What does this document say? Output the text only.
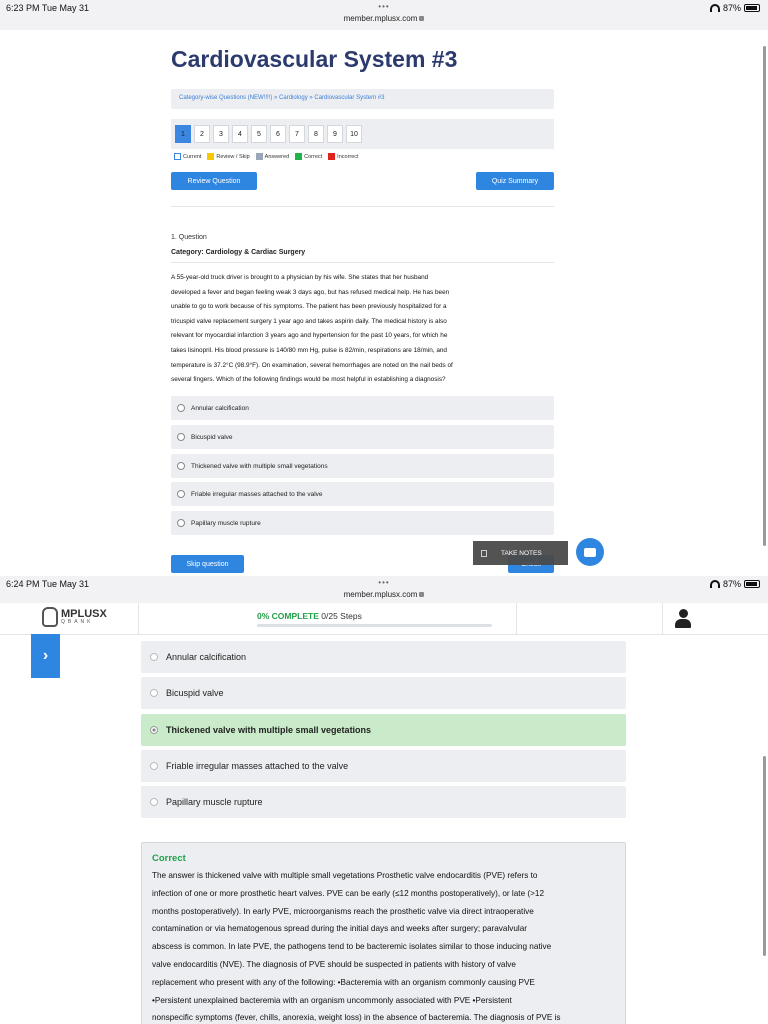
6:23 PM Tue May 31	•••
member.mplusx.com
87%
Cardiovascular System #3
Category-wise Questions (NEW!!!!) » Cardiology » Cardiovascular System #3
1	2	3	4	5	6	7	8	9	10
Current	Review / Skip	Answered	Correct	Incorrect
Review Question	Quiz Summary
1. Question
Category: Cardiology & Cardiac Surgery
A 55-year-old truck driver is brought to a physician by his wife. She states that her husband
developed a fever and began feeling weak 3 days ago, but has refused medical help. He has been
unable to go to work because of his symptoms. The patient has been previously hospitalized for a
tricuspid valve replacement surgery 1 year ago and takes aspirin daily. The medical history is also
relevant for myocardial infarction 3 years ago and hypertension for the past 10 years, for which he
takes lisinopril. His blood pressure is 140/80 mm Hg, pulse is 82/min, respirations are 18/min, and
temperature is 37.2°C (98.9°F). On examination, several hemorrhages are noted on the nail beds of
several fingers. Which of the following findings would be most helpful in establishing a diagnosis?
Annular calcification
Bicuspid valve
Thickened valve with multiple small vegetations
Friable irregular masses attached to the valve
Papillary muscle rupture
Skip question
TAKE NOTES
6:24 PM Tue May 31	•••
member.mplusx.com
87%
MPLUSX
QBANK
0% COMPLETE 0/25 Steps
›	Annular calcification
Bicuspid valve
Thickened valve with multiple small vegetations
Friable irregular masses attached to the valve
Papillary muscle rupture
Correct
The answer is thickened valve with multiple small vegetations Prosthetic valve endocarditis (PVE) refers to
infection of one or more prosthetic heart valves. PVE can be early (≤12 months postoperatively), or late (>12
months postoperatively). In early PVE, microorganisms reach the prosthetic valve via direct intraoperative
contamination or via hematogenous spread during the initial days and weeks after surgery; paravalvular
abscess is common. In late PVE, the pathogens tend to be bacteremic isolates similar to those inducing native
valve endocarditis (NVE). The diagnosis of PVE should be suspected in patients with history of valve
replacement who present with any of the following: •Bacteremia with an organism commonly causing PVE
•Persistent unexplained bacteremia with an organism uncommonly associated with PVE •Persistent
nonspecific symptoms (fever, chills, anorexia, weight loss) in the absence of bacteremia. The diagnosis of PVE is
